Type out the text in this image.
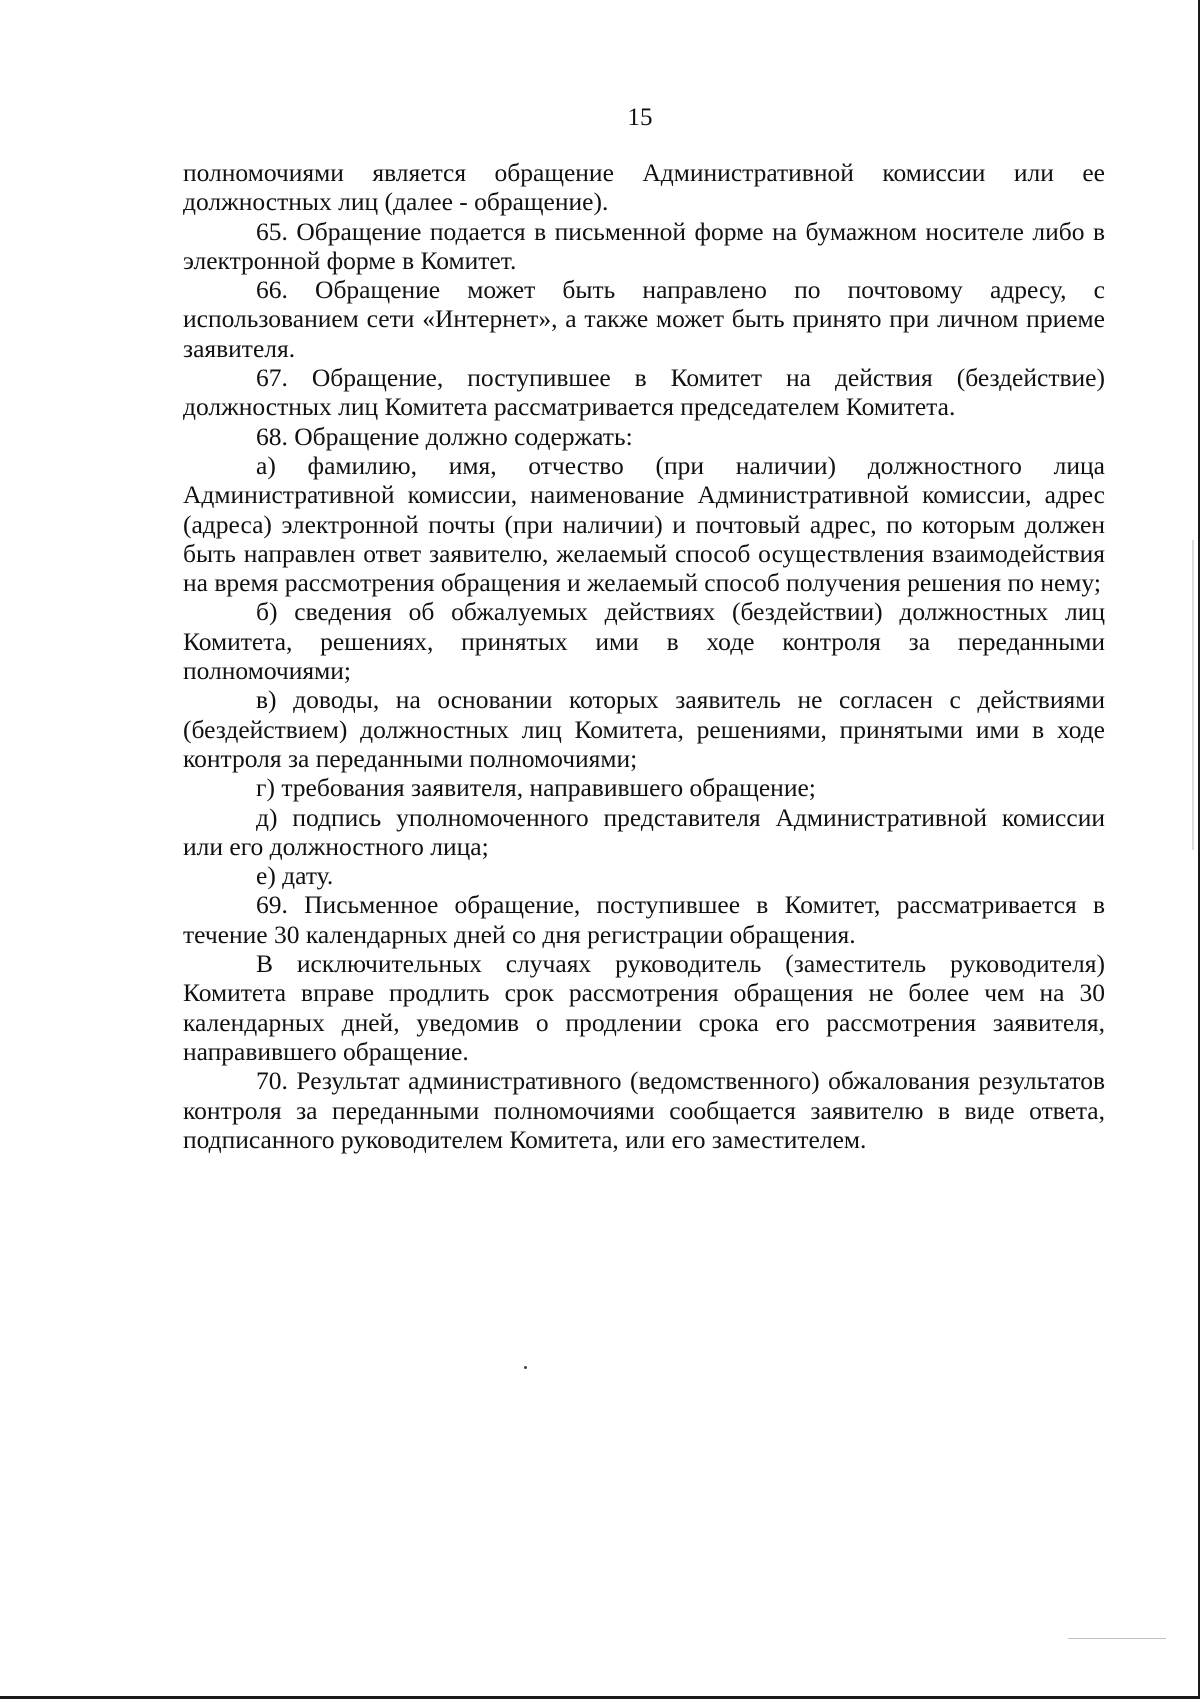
15

полномочиями является обращение Административной комиссии или ее должностных лиц (далее - обращение).

65. Обращение подается в письменной форме на бумажном носителе либо в электронной форме в Комитет.

66. Обращение может быть направлено по почтовому адресу, с использованием сети «Интернет», а также может быть принято при личном приеме заявителя.

67. Обращение, поступившее в Комитет на действия (бездействие) должностных лиц Комитета рассматривается председателем Комитета.

68. Обращение должно содержать:

а) фамилию, имя, отчество (при наличии) должностного лица Административной комиссии, наименование Административной комиссии, адрес (адреса) электронной почты (при наличии) и почтовый адрес, по которым должен быть направлен ответ заявителю, желаемый способ осуществления взаимодействия на время рассмотрения обращения и желаемый способ получения решения по нему;

б) сведения об обжалуемых действиях (бездействии) должностных лиц Комитета, решениях, принятых ими в ходе контроля за переданными полномочиями;

в) доводы, на основании которых заявитель не согласен с действиями (бездействием) должностных лиц Комитета, решениями, принятыми ими в ходе контроля за переданными полномочиями;

г) требования заявителя, направившего обращение;

д) подпись уполномоченного представителя Административной комиссии или его должностного лица;

е) дату.

69. Письменное обращение, поступившее в Комитет, рассматривается в течение 30 календарных дней со дня регистрации обращения.

В исключительных случаях руководитель (заместитель руководителя) Комитета вправе продлить срок рассмотрения обращения не более чем на 30 календарных дней, уведомив о продлении срока его рассмотрения заявителя, направившего обращение.

70. Результат административного (ведомственного) обжалования результатов контроля за переданными полномочиями сообщается заявителю в виде ответа, подписанного руководителем Комитета, или его заместителем.
